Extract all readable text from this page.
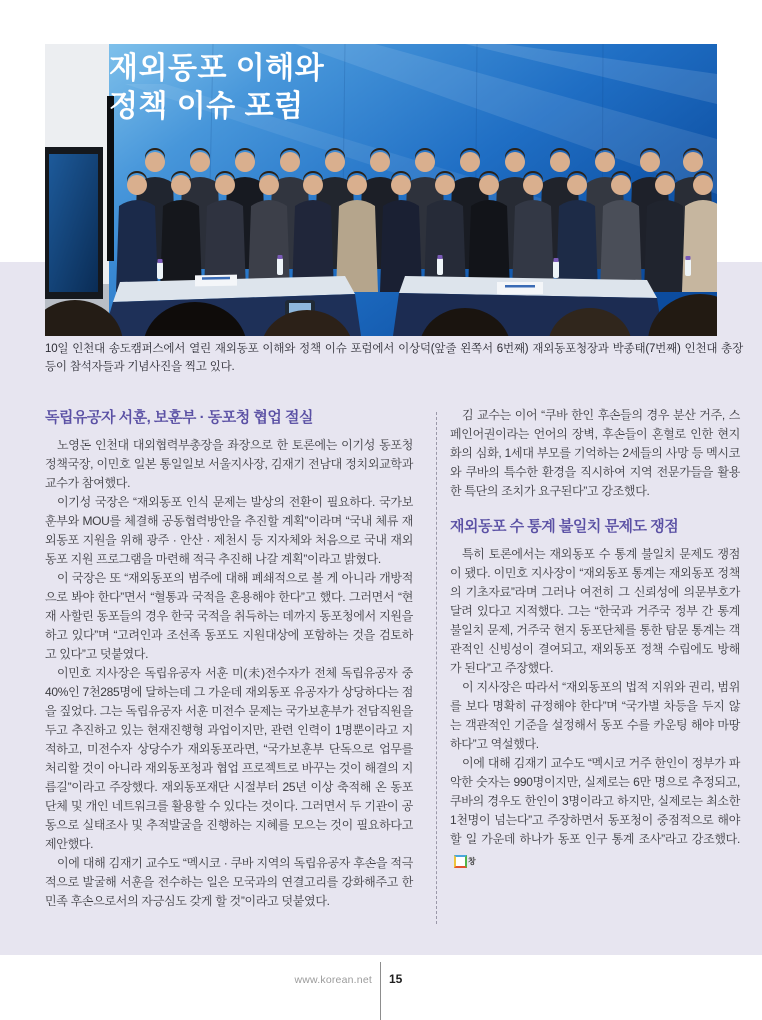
재외동포 이해와
정책 이슈 포럼
10일 인천대 송도캠퍼스에서 열린 재외동포 이해와 정책 이슈 포럼에서 이상덕(앞줄 왼쪽서 6번째) 재외동포청장과 박종태(7번째) 인천대 총장 등이 참석자들과 기념사진을 찍고 있다.
독립유공자 서훈, 보훈부 · 동포청 협업 절실

노영돈 인천대 대외협력부총장을 좌장으로 한 토론에는 이기성 동포청 정책국장, 이민호 일본 통일일보 서울지사장, 김재기 전남대 정치외교학과 교수가 참여했다.

이기성 국장은 “재외동포 인식 문제는 발상의 전환이 필요하다. 국가보훈부와 MOU를 체결해 공동협력방안을 추진할 계획”이라며 “국내 체류 재외동포 지원을 위해 광주 · 안산 · 제천시 등 지자체와 처음으로 국내 재외동포 지원 프로그램을 마련해 적극 추진해 나갈 계획”이라고 밝혔다.

이 국장은 또 “재외동포의 범주에 대해 폐쇄적으로 볼 게 아니라 개방적으로 봐야 한다”면서 “혈통과 국적을 혼용해야 한다”고 했다. 그러면서 “현재 사할린 동포들의 경우 한국 국적을 취득하는 데까지 동포청에서 지원을 하고 있다”며 “고려인과 조선족 동포도 지원대상에 포함하는 것을 검토하고 있다”고 덧붙였다.

이민호 지사장은 독립유공자 서훈 미(未)전수자가 전체 독립유공자 중 40%인 7천285명에 달하는데 그 가운데 재외동포 유공자가 상당하다는 점을 짚었다. 그는 독립유공자 서훈 미전수 문제는 국가보훈부가 전담직원을 두고 추진하고 있는 현재진행형 과업이지만, 관련 인력이 1명뿐이라고 지적하고, 미전수자 상당수가 재외동포라면, “국가보훈부 단독으로 업무를 처리할 것이 아니라 재외동포청과 협업 프로젝트로 바꾸는 것이 해결의 지름길”이라고 주장했다. 재외동포재단 시절부터 25년 이상 축적해 온 동포단체 및 개인 네트워크를 활용할 수 있다는 것이다. 그러면서 두 기관이 공동으로 실태조사 및 추적발굴을 진행하는 지혜를 모으는 것이 필요하다고 제안했다.

이에 대해 김재기 교수도 “멕시코 · 쿠바 지역의 독립유공자 후손을 적극적으로 발굴해 서훈을 전수하는 일은 모국과의 연결고리를 강화해주고 한민족 후손으로서의 자긍심도 갖게 할 것”이라고 덧붙였다.

김 교수는 이어 “쿠바 한인 후손들의 경우 분산 거주, 스페인어권이라는 언어의 장벽, 후손들이 혼혈로 인한 현지화의 심화, 1세대 부모를 기억하는 2세들의 사망 등 멕시코와 쿠바의 특수한 환경을 직시하여 지역 전문가들을 활용한 특단의 조치가 요구된다”고 강조했다.

재외동포 수 통계 불일치 문제도 쟁점

특히 토론에서는 재외동포 수 통계 불일치 문제도 쟁점이 됐다. 이민호 지사장이 “재외동포 통계는 재외동포 정책의 기초자료”라며 그러나 여전히 그 신뢰성에 의문부호가 달려 있다고 지적했다. 그는 “한국과 거주국 정부 간 통계 불일치 문제, 거주국 현지 동포단체를 통한 탐문 통계는 객관적인 신빙성이 결여되고, 재외동포 정책 수립에도 방해가 된다”고 주장했다.

이 지사장은 따라서 “재외동포의 법적 지위와 권리, 범위를 보다 명확히 규정해야 한다”며 “국가별 차등을 두지 않는 객관적인 기준을 설정해서 동포 수를 카운팅 해야 마땅하다”고 역설했다.

이에 대해 김재기 교수도 “멕시코 거주 한인이 정부가 파악한 숫자는 990명이지만, 실제로는 6만 명으로 추정되고, 쿠바의 경우도 한인이 3명이라고 하지만, 실제로는 최소한 1천명이 넘는다”고 주장하면서 동포청이 중점적으로 해야 할 일 가운데 하나가 동포 인구 통계 조사”라고 강조했다.창

www.korean.net 15
